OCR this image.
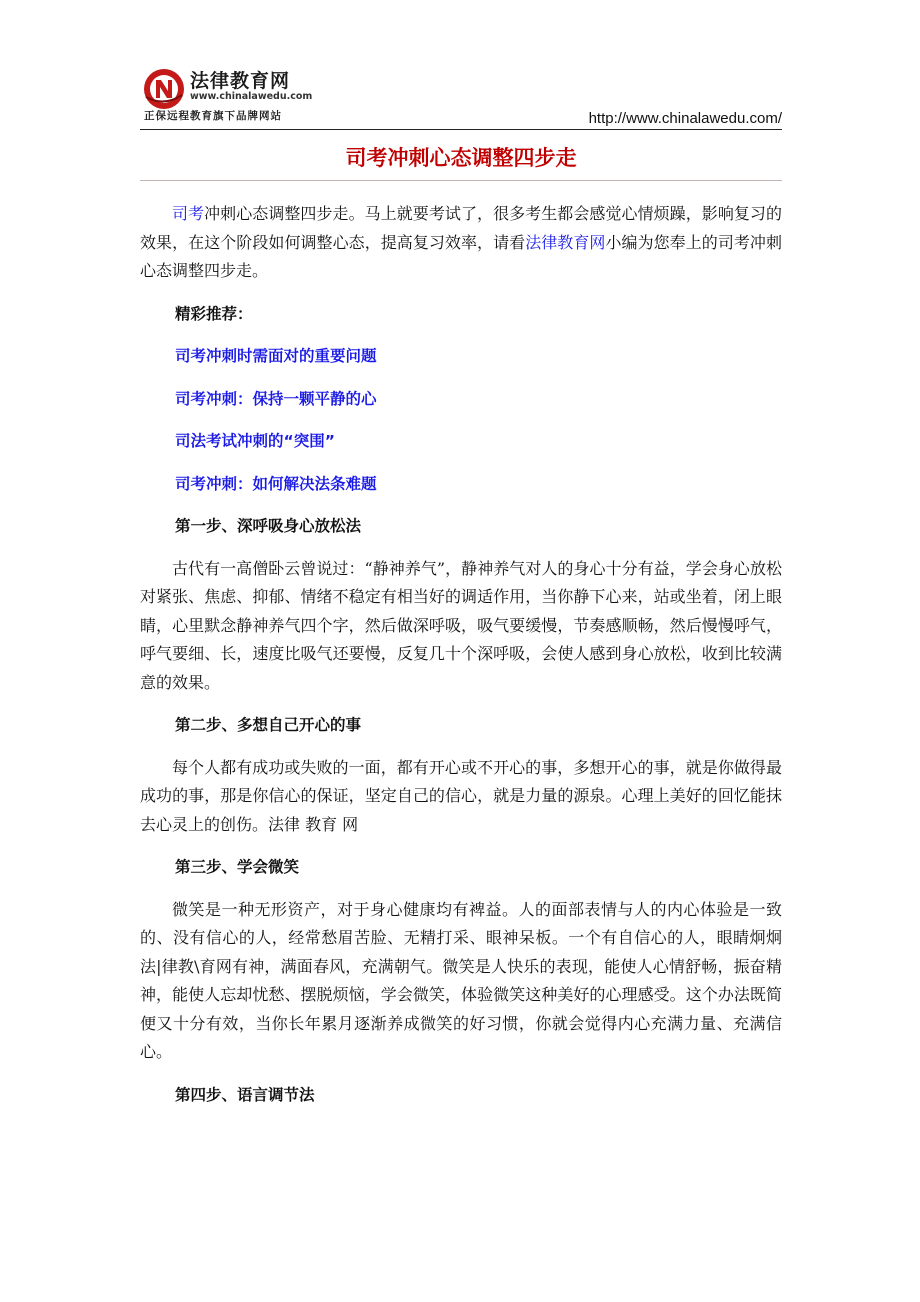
法律教育网
www.chinalawedu.com
正保远程教育旗下品牌网站	http://www.chinalawedu.com/
司考冲刺心态调整四步走

司考冲刺心态调整四步走。马上就要考试了，很多考生都会感觉心情烦躁，影响复习的效果，在这个阶段如何调整心态，提高复习效率，请看法律教育网小编为您奉上的司考冲刺心态调整四步走。

精彩推荐：

司考冲刺时需面对的重要问题

司考冲刺：保持一颗平静的心

司法考试冲刺的“突围”

司考冲刺：如何解决法条难题

第一步、深呼吸身心放松法

古代有一高僧卧云曾说过：“静神养气”，静神养气对人的身心十分有益，学会身心放松对紧张、焦虑、抑郁、情绪不稳定有相当好的调适作用，当你静下心来，站或坐着，闭上眼睛，心里默念静神养气四个字，然后做深呼吸，吸气要缓慢，节奏感顺畅，然后慢慢呼气，呼气要细、长，速度比吸气还要慢，反复几十个深呼吸，会使人感到身心放松，收到比较满意的效果。

第二步、多想自己开心的事

每个人都有成功或失败的一面，都有开心或不开心的事，多想开心的事，就是你做得最成功的事，那是你信心的保证，坚定自己的信心，就是力量的源泉。心理上美好的回忆能抹去心灵上的创伤。法律 教育 网

第三步、学会微笑

微笑是一种无形资产，对于身心健康均有裨益。人的面部表情与人的内心体验是一致的、没有信心的人，经常愁眉苦脸、无精打采、眼神呆板。一个有自信心的人，眼睛炯炯法|律教\育网有神，满面春风，充满朝气。微笑是人快乐的表现，能使人心情舒畅，振奋精神，能使人忘却忧愁、摆脱烦恼，学会微笑，体验微笑这种美好的心理感受。这个办法既简便又十分有效，当你长年累月逐渐养成微笑的好习惯，你就会觉得内心充满力量、充满信心。

第四步、语言调节法
